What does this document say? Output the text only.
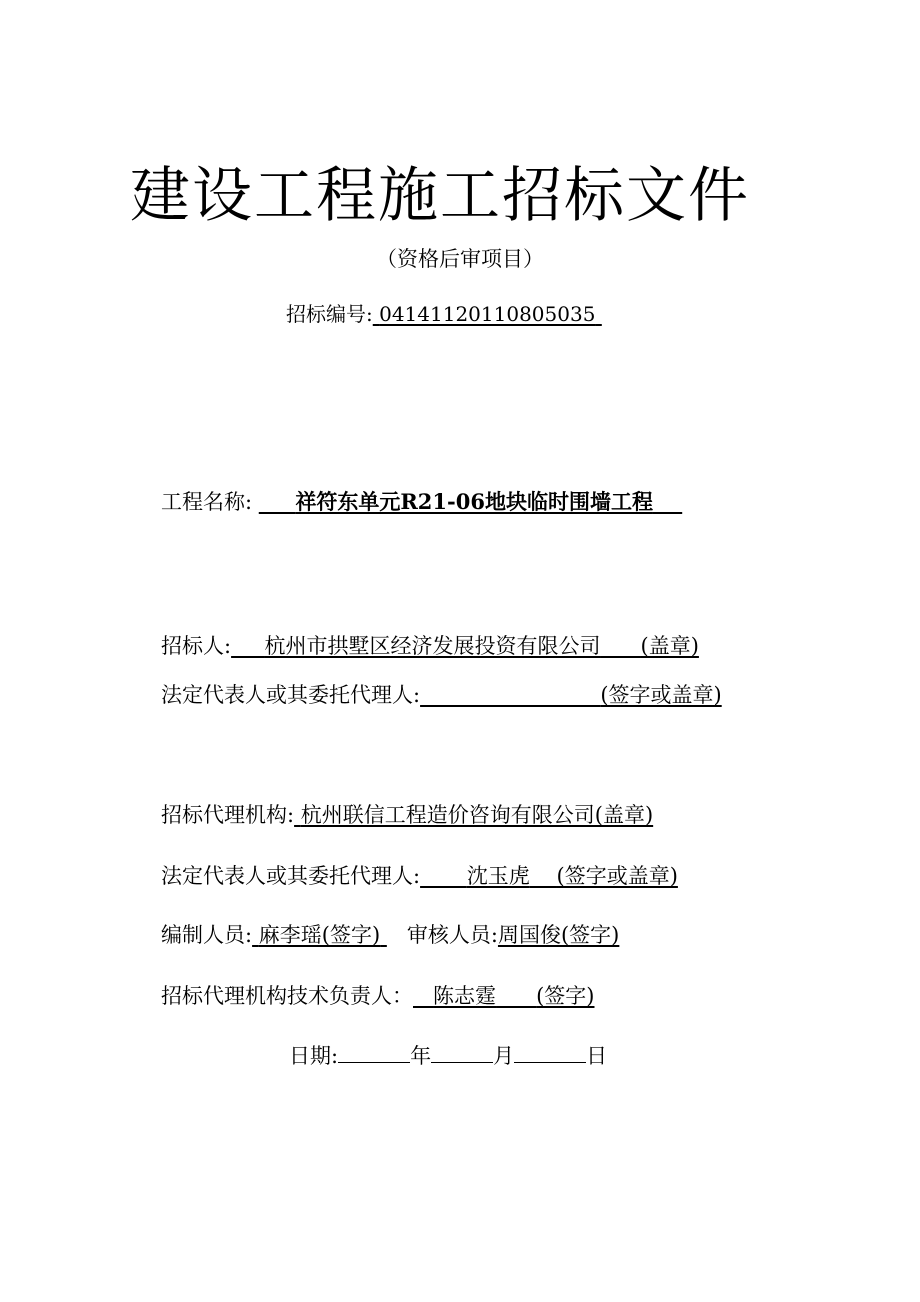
建设工程施工招标文件
（资格后审项目）
招标编号: 04141120110805035
工程名称: 祥符东单元R21-06地块临时围墙工程
招标人: 杭州市拱墅区经济发展投资有限公司 (盖章)
法定代表人或其委托代理人:	(签字或盖章)
招标代理机构: 杭州联信工程造价咨询有限公司(盖章)
法定代表人或其委托代理人: 沈玉虎 (签字或盖章)
编制人员: 麻李瑶(签字) 审核人员:周国俊(签字)
招标代理机构技术负责人： 陈志霆 (签字)
日期:	年	月	日
